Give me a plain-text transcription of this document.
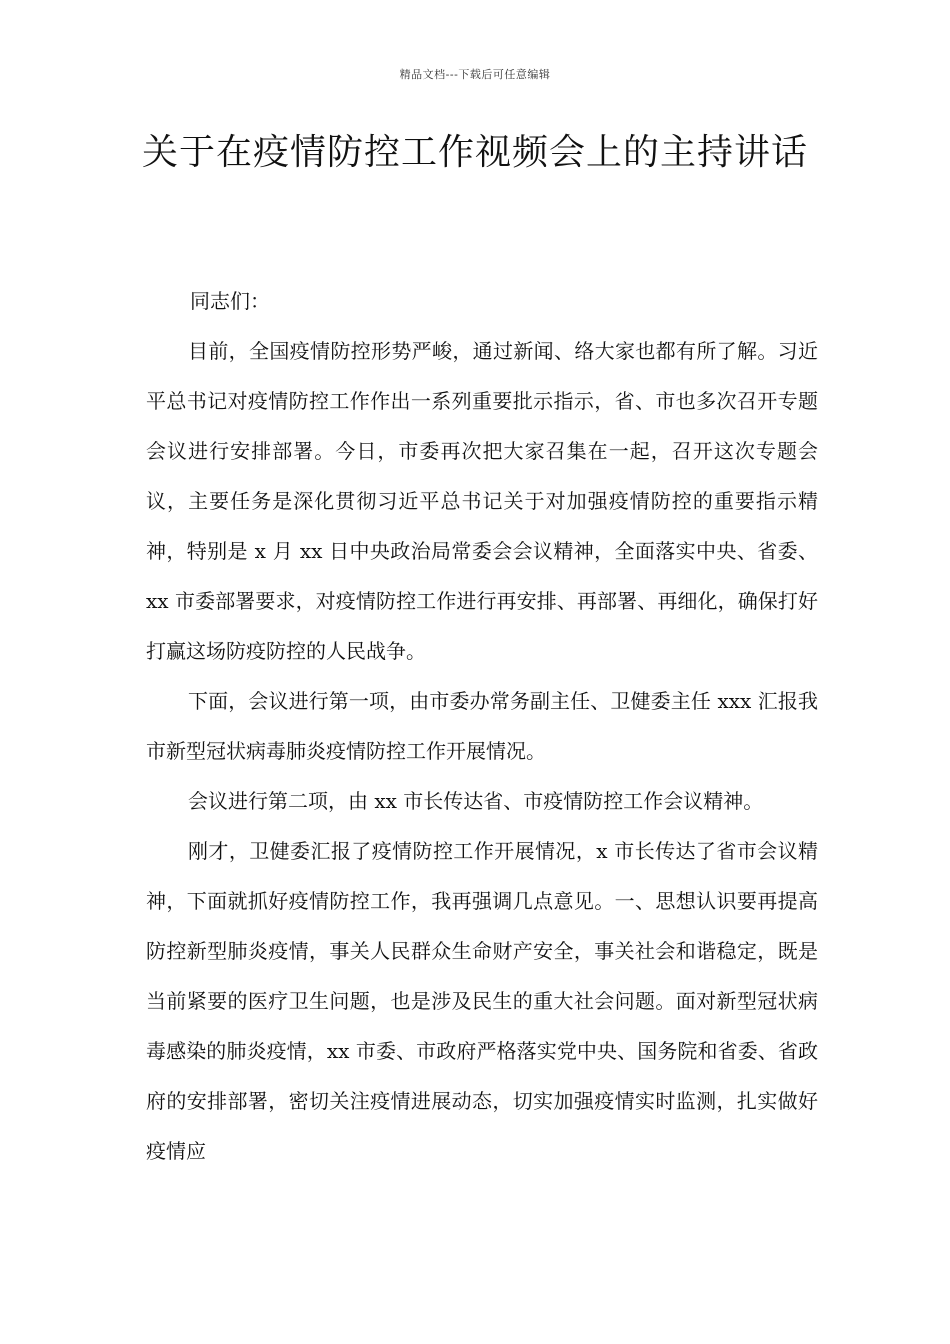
精品文档---下载后可任意编辑
关于在疫情防控工作视频会上的主持讲话

同志们：

目前，全国疫情防控形势严峻，通过新闻、络大家也都有所了解。习近平总书记对疫情防控工作作出一系列重要批示指示，省、市也多次召开专题会议进行安排部署。今日，市委再次把大家召集在一起，召开这次专题会议，主要任务是深化贯彻习近平总书记关于对加强疫情防控的重要指示精神，特别是 x 月 xx 日中央政治局常委会会议精神，全面落实中央、省委、xx 市委部署要求，对疫情防控工作进行再安排、再部署、再细化，确保打好打赢这场防疫防控的人民战争。

下面，会议进行第一项，由市委办常务副主任、卫健委主任 xxx 汇报我市新型冠状病毒肺炎疫情防控工作开展情况。

会议进行第二项，由 xx 市长传达省、市疫情防控工作会议精神。

刚才，卫健委汇报了疫情防控工作开展情况，x 市长传达了省市会议精神，下面就抓好疫情防控工作，我再强调几点意见。一、思想认识要再提高        防控新型肺炎疫情，事关人民群众生命财产安全，事关社会和谐稳定，既是当前紧要的医疗卫生问题，也是涉及民生的重大社会问题。面对新型冠状病毒感染的肺炎疫情，xx 市委、市政府严格落实党中央、国务院和省委、省政府的安排部署，密切关注疫情进展动态，切实加强疫情实时监测，扎实做好疫情应
